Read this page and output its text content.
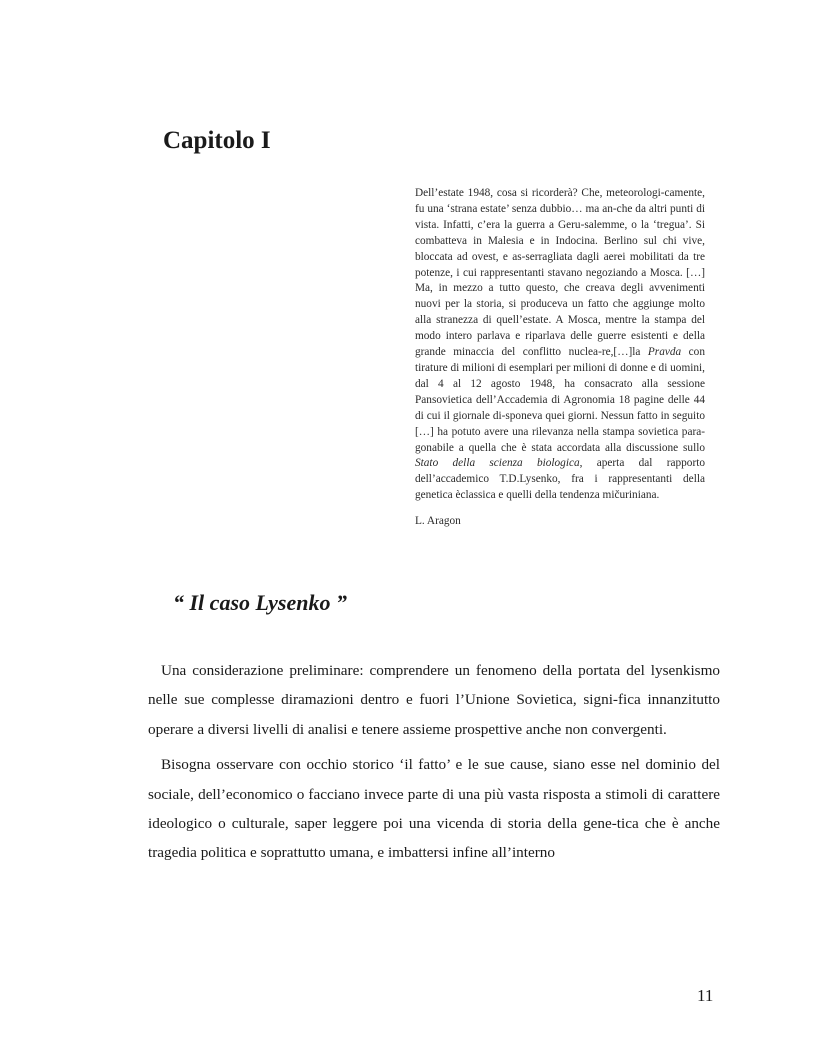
Capitolo I

Dell’estate 1948, cosa si ricorderà? Che, meteorologi-camente, fu una ‘strana estate’ senza dubbio… ma an-che da altri punti di vista. Infatti, c’era la guerra a Geru-salemme, o la ‘tregua’. Si combatteva in Malesia e in Indocina. Berlino sul chi vive, bloccata ad ovest, e as-serragliata dagli aerei mobilitati da tre potenze, i cui rappresentanti stavano negoziando a Mosca. […] Ma, in mezzo a tutto questo, che creava degli avvenimenti nuovi per la storia, si produceva un fatto che aggiunge molto alla stranezza di quell’estate. A Mosca, mentre la stampa del modo intero parlava e riparlava delle guerre esistenti e della grande minaccia del conflitto nuclea-re,[…]la Pravda con tirature di milioni di esemplari per milioni di donne e di uomini, dal 4 al 12 agosto 1948, ha consacrato alla sessione Pansovietica dell’Accademia di Agronomia 18 pagine delle 44 di cui il giornale di-sponeva quei giorni. Nessun fatto in seguito […] ha potuto avere una rilevanza nella stampa sovietica para-gonabile a quella che è stata accordata alla discussione sullo Stato della scienza biologica, aperta dal rapporto dell’accademico T.D.Lysenko, fra i rappresentanti della genetica èclassica e quelli della tendenza mičuriniana.

L. Aragon

“ Il caso Lysenko ”

Una considerazione preliminare: comprendere un fenomeno della portata del lysenkismo nelle sue complesse diramazioni dentro e fuori l’Unione Sovietica, signi-fica innanzitutto operare a diversi livelli di analisi e tenere assieme prospettive anche non convergenti.

Bisogna osservare con occhio storico ‘il fatto’ e le sue cause, siano esse nel dominio del sociale, dell’economico o facciano invece parte di una più vasta risposta a stimoli di carattere ideologico o culturale, saper leggere poi una vicenda di storia della gene-tica che è anche tragedia politica e soprattutto umana, e imbattersi infine all’interno

11
